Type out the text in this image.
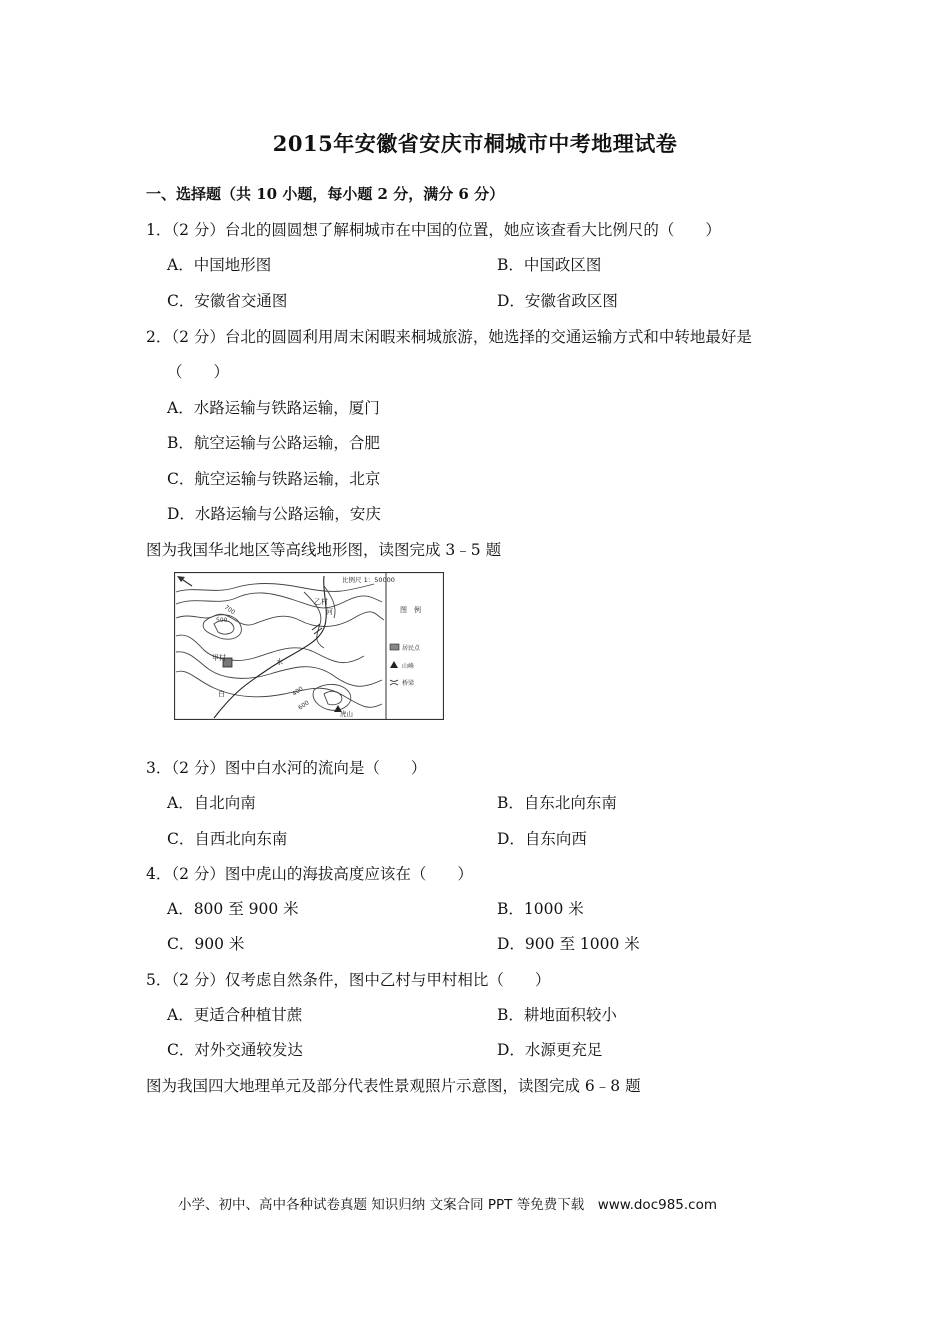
2015年安徽省安庆市桐城市中考地理试卷
一、选择题（共 10 小题，每小题 2 分，满分 6 分）
1．（2 分）台北的圆圆想了解桐城市在中国的位置，她应该查看大比例尺的（　　）
A．中国地形图	B．中国政区图
C．安徽省交通图	D．安徽省政区图
2．（2 分）台北的圆圆利用周末闲暇来桐城旅游，她选择的交通运输方式和中转地最好是
（　　）
A．水路运输与铁路运输，厦门
B．航空运输与公路运输，合肥
C．航空运输与铁路运输，北京
D．水路运输与公路运输，安庆
图为我国华北地区等高线地形图，读图完成 3﹣5 题
甲村
乙村
白
水
河
虎山
700
500
400
600
比例尺 1：50000
图　例
居民点
山峰
桥梁
3．（2 分）图中白水河的流向是（　　）
A．自北向南	B．自东北向东南
C．自西北向东南	D．自东向西
4．（2 分）图中虎山的海拔高度应该在（　　）
A．800 至 900 米	B．1000 米
C．900 米	D．900 至 1000 米
5．（2 分）仅考虑自然条件，图中乙村与甲村相比（　　）
A．更适合种植甘蔗	B．耕地面积较小
C．对外交通较发达	D．水源更充足
图为我国四大地理单元及部分代表性景观照片示意图，读图完成 6﹣8 题
小学、初中、高中各种试卷真题 知识归纳 文案合同 PPT 等免费下载　www.doc985.com
